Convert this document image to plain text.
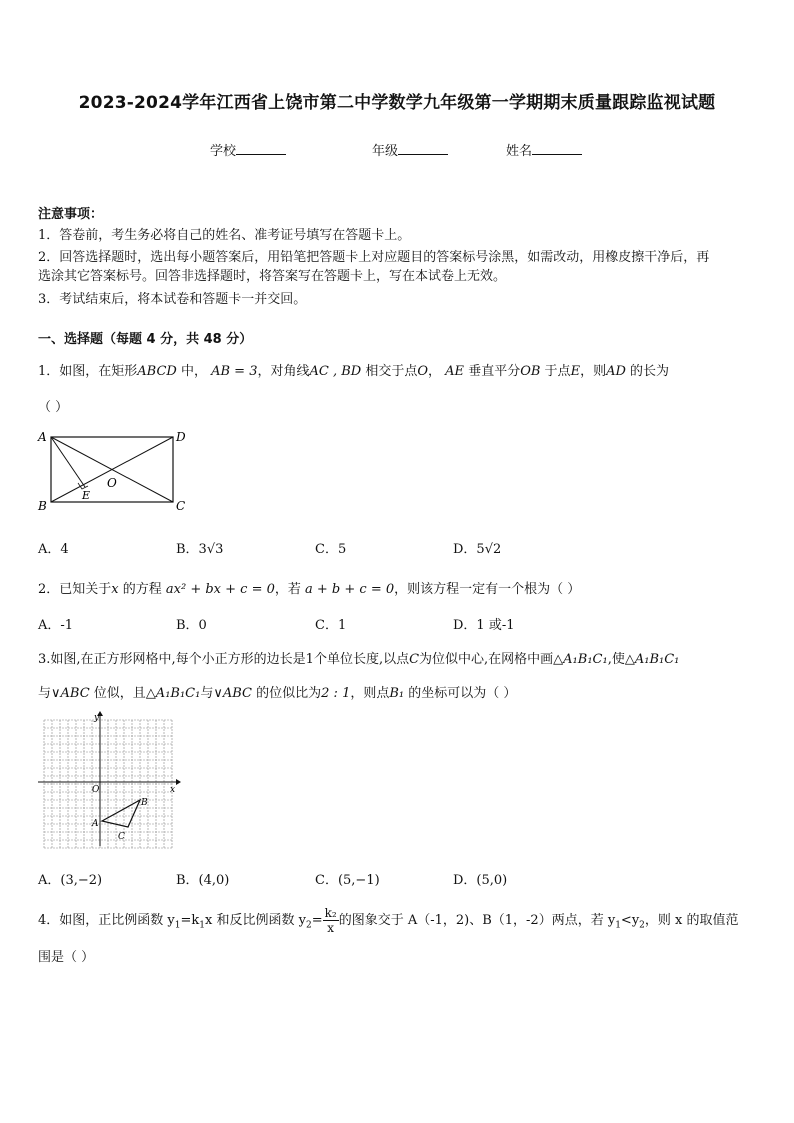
2023-2024学年江西省上饶市第二中学数学九年级第一学期期末质量跟踪监视试题
学校	年级	姓名
注意事项：
1．答卷前，考生务必将自己的姓名、准考证号填写在答题卡上。
2．回答选择题时，选出每小题答案后，用铅笔把答题卡上对应题目的答案标号涂黑，如需改动，用橡皮擦干净后，再
选涂其它答案标号。回答非选择题时，将答案写在答题卡上，写在本试卷上无效。
3．考试结束后，将本试卷和答题卡一并交回。
一、选择题（每题 4 分，共 48 分）
1．如图，在矩形ABCD 中， AB = 3，对角线AC , BD 相交于点O， AE 垂直平分OB 于点E，则AD 的长为
（ ）
A	D
B	C
E
O
A．4	B．3√3	C．5	D．5√2
2．已知关于x 的方程 ax² + bx + c = 0，若 a + b + c = 0，则该方程一定有一个根为（ ）
A．-1	B．0	C．1	D．1 或-1
3.如图,在正方形网格中,每个小正方形的边长是1个单位长度,以点C为位似中心,在网格中画△A₁B₁C₁,使△A₁B₁C₁
与∨ABC 位似，且△A₁B₁C₁与∨ABC 的位似比为2 : 1，则点B₁ 的坐标可以为（ ）
x
y
O
A
B
C
A．(3,−2)	B．(4,0)	C．(5,−1)	D．(5,0)
4．如图，正比例函数 $y_1=k_1x$ 和反比例函数 $y_2= \frac{\text{k₂}}{x}$ 的图象交于 A（-1，2)、B（1，-2）两点，若 $y_1<y_2$，则 x 的取值范
围是（ ）
